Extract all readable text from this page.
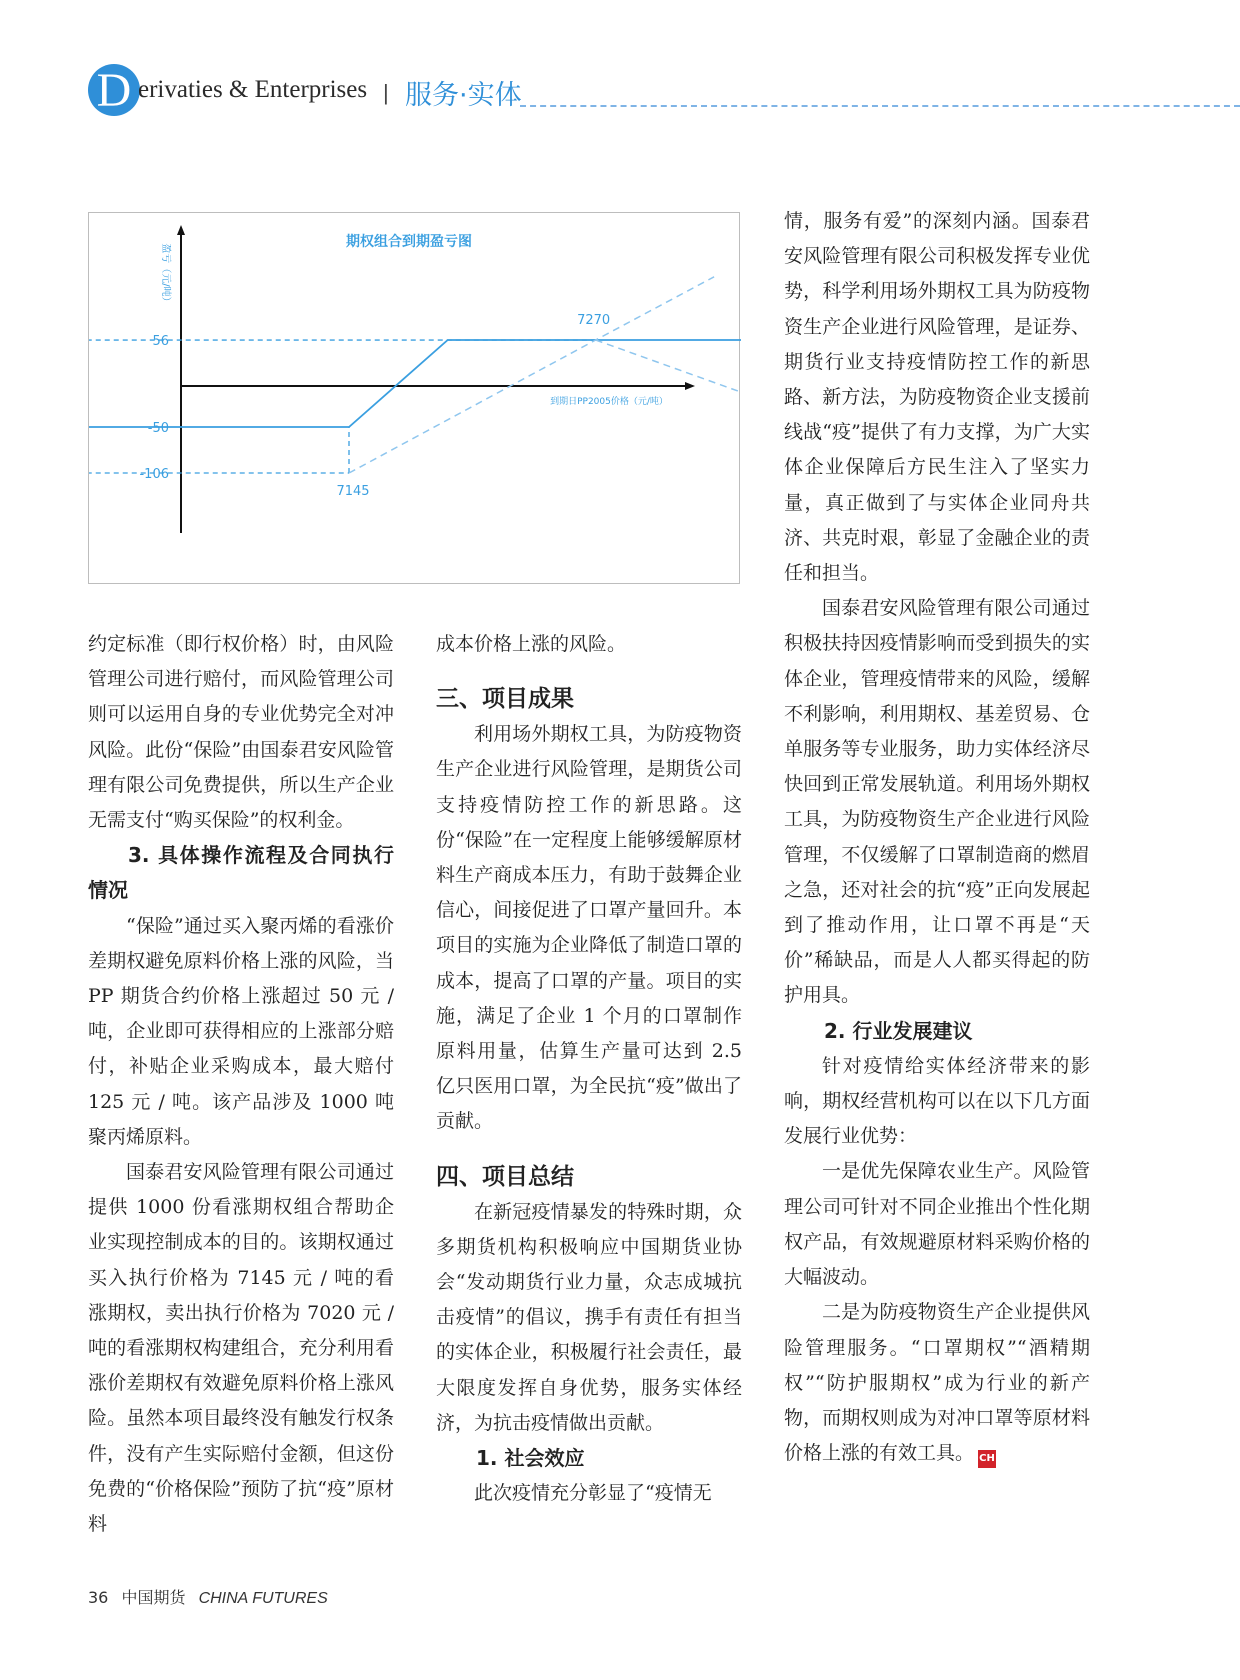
D erivaties & Enterprises | 服务·实体
期权组合到期盈亏图
到期日PP2005价格（元/吨）
盈亏（元/吨）
56
-50
-106
7270
7145

约定标准（即行权价格）时，由风险管理公司进行赔付，而风险管理公司则可以运用自身的专业优势完全对冲风险。此份“保险”由国泰君安风险管理有限公司免费提供，所以生产企业无需支付“购买保险”的权利金。

3. 具体操作流程及合同执行情况

“保险”通过买入聚丙烯的看涨价差期权避免原料价格上涨的风险，当 PP 期货合约价格上涨超过 50 元 / 吨，企业即可获得相应的上涨部分赔付，补贴企业采购成本，最大赔付 125 元 / 吨。该产品涉及 1000 吨聚丙烯原料。

国泰君安风险管理有限公司通过提供 1000 份看涨期权组合帮助企业实现控制成本的目的。该期权通过买入执行价格为 7145 元 / 吨的看涨期权，卖出执行价格为 7020 元 / 吨的看涨期权构建组合，充分利用看涨价差期权有效避免原料价格上涨风险。虽然本项目最终没有触发行权条件，没有产生实际赔付金额，但这份免费的“价格保险”预防了抗“疫”原材料

成本价格上涨的风险。

三、项目成果

利用场外期权工具，为防疫物资生产企业进行风险管理，是期货公司支持疫情防控工作的新思路。这份“保险”在一定程度上能够缓解原材料生产商成本压力，有助于鼓舞企业信心，间接促进了口罩产量回升。本项目的实施为企业降低了制造口罩的成本，提高了口罩的产量。项目的实施，满足了企业 1 个月的口罩制作原料用量，估算生产量可达到 2.5 亿只医用口罩，为全民抗“疫”做出了贡献。

四、项目总结

在新冠疫情暴发的特殊时期，众多期货机构积极响应中国期货业协会“发动期货行业力量，众志成城抗击疫情”的倡议，携手有责任有担当的实体企业，积极履行社会责任，最大限度发挥自身优势，服务实体经济，为抗击疫情做出贡献。

1. 社会效应

此次疫情充分彰显了“疫情无

情，服务有爱”的深刻内涵。国泰君安风险管理有限公司积极发挥专业优势，科学利用场外期权工具为防疫物资生产企业进行风险管理，是证券、期货行业支持疫情防控工作的新思路、新方法，为防疫物资企业支援前线战“疫”提供了有力支撑，为广大实体企业保障后方民生注入了坚实力量，真正做到了与实体企业同舟共济、共克时艰，彰显了金融企业的责任和担当。

国泰君安风险管理有限公司通过积极扶持因疫情影响而受到损失的实体企业，管理疫情带来的风险，缓解不利影响，利用期权、基差贸易、仓单服务等专业服务，助力实体经济尽快回到正常发展轨道。利用场外期权工具，为防疫物资生产企业进行风险管理，不仅缓解了口罩制造商的燃眉之急，还对社会的抗“疫”正向发展起到了推动作用，让口罩不再是“天价”稀缺品，而是人人都买得起的防护用具。

2. 行业发展建议

针对疫情给实体经济带来的影响，期权经营机构可以在以下几方面发展行业优势：

一是优先保障农业生产。风险管理公司可针对不同企业推出个性化期权产品，有效规避原材料采购价格的大幅波动。

二是为防疫物资生产企业提供风险管理服务。“口罩期权”“酒精期权”“防护服期权”成为行业的新产物，而期权则成为对冲口罩等原材料价格上涨的有效工具。 CH

36 中国期货 CHINA FUTURES
